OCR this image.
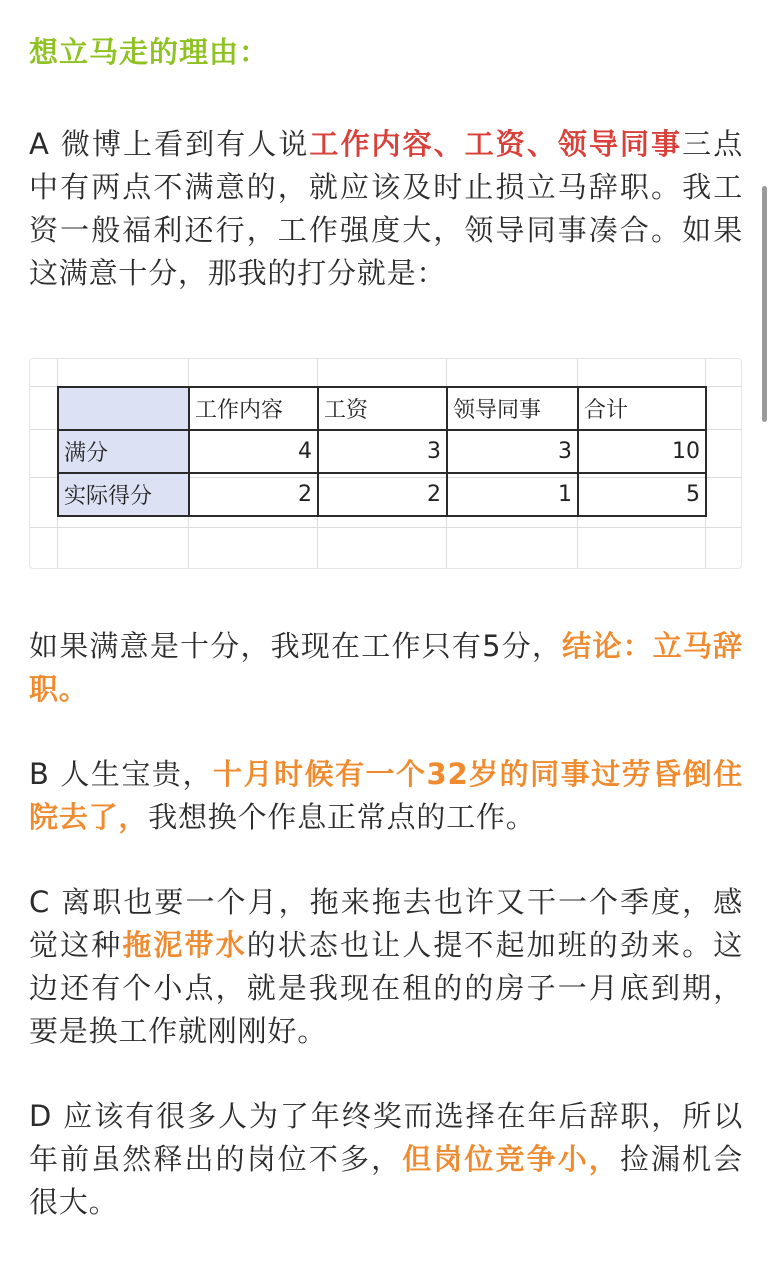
想立马走的理由：

A 微博上看到有人说工作内容、工资、领导同事三点中有两点不满意的，就应该及时止损立马辞职。我工资一般福利还行，工作强度大，领导同事凑合。如果这满意十分，那我的打分就是：

	工作内容	工资	领导同事	合计
满分	4	3	3	10
实际得分	2	2	1	5

如果满意是十分，我现在工作只有5分，结论：立马辞职。

B 人生宝贵，十月时候有一个32岁的同事过劳昏倒住院去了，我想换个作息正常点的工作。

C 离职也要一个月，拖来拖去也许又干一个季度，感觉这种拖泥带水的状态也让人提不起加班的劲来。这边还有个小点，就是我现在租的的房子一月底到期，要是换工作就刚刚好。

D 应该有很多人为了年终奖而选择在年后辞职，所以年前虽然释出的岗位不多，但岗位竞争小，捡漏机会很大。
